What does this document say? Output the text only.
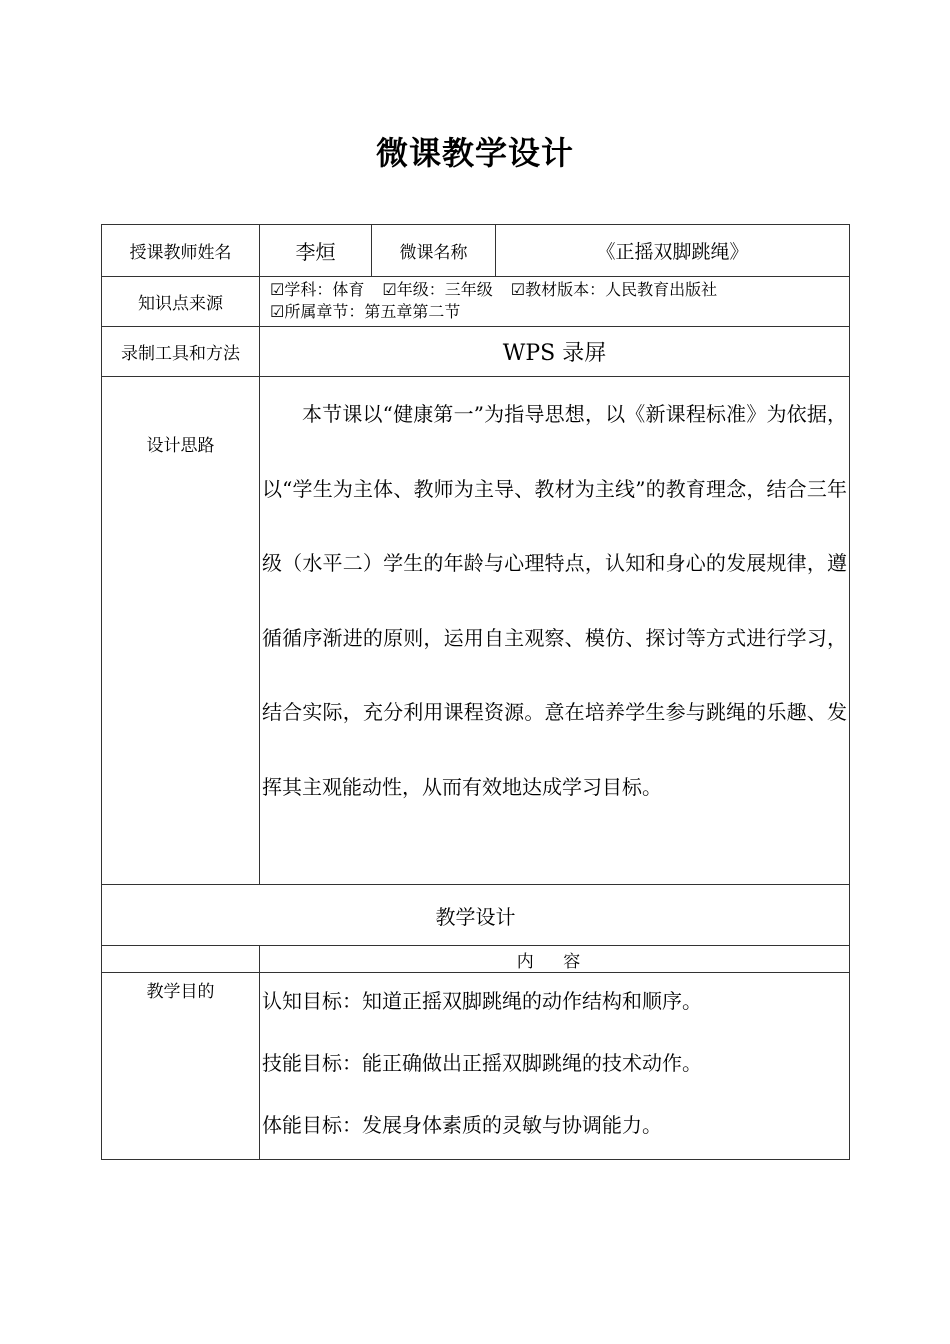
微课教学设计
授课教师姓名	李烜	微课名称	《正摇双脚跳绳》
知识点来源	☑学科：体育 ☑年级：三年级 ☑教材版本：人民教育出版社
☑所属章节：第五章第二节		

录制工具和方法	WPS 录屏		
设计思路	本节课以“健康第一”为指导思想，以《新课程标准》为依据，以“学生为主体、教师为主导、教材为主线”的教育理念，结合三年级（水平二）学生的年龄与心理特点，认知和身心的发展规律，遵循循序渐进的原则，运用自主观察、模仿、探讨等方式进行学习，结合实际，充分利用课程资源。意在培养学生参与跳绳的乐趣、发挥其主观能动性，从而有效地达成学习目标。		

教学设计			
	内 容		
教学目的	认知目标：知道正摇双脚跳绳的动作结构和顺序。
技能目标：能正确做出正摇双脚跳绳的技术动作。
体能目标：发展身体素质的灵敏与协调能力。		
